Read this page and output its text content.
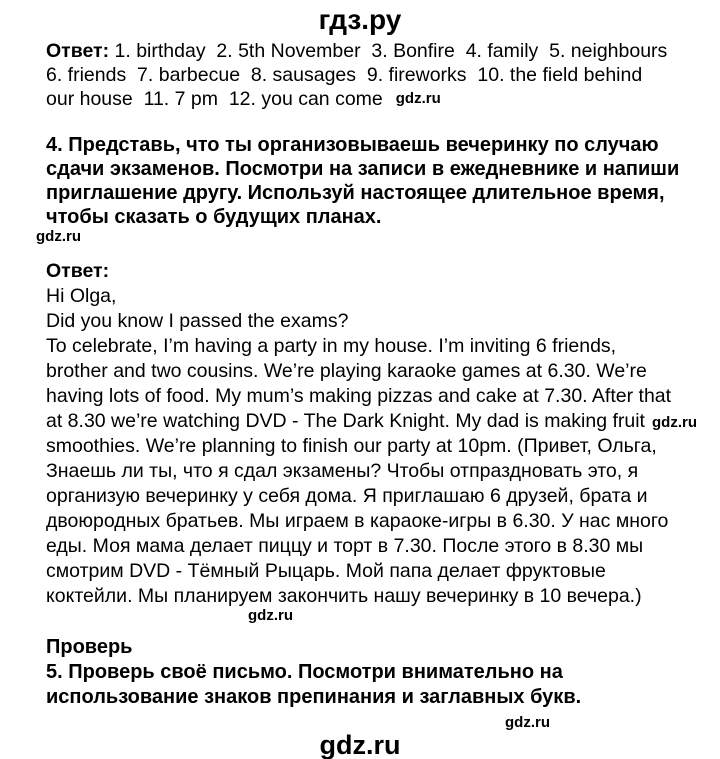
гдз.ру
Ответ: 1. birthday  2. 5th November  3. Bonfire  4. family  5. neighbours
6. friends  7. barbecue  8. sausages  9. fireworks  10. the field behind
our house  11. 7 pm  12. you can come gdz.ru
4. Представь, что ты организовываешь вечеринку по случаю
сдачи экзаменов. Посмотри на записи в ежедневнике и напиши
приглашение другу. Используй настоящее длительное время,
чтобы сказать о будущих планах.
gdz.ru
Ответ:
Hi Olga,
Did you know I passed the exams?
To celebrate, I’m having a party in my house. I’m inviting 6 friends,
brother and two cousins. We’re playing karaoke games at 6.30. We’re
having lots of food. My mum’s making pizzas and cake at 7.30. After that
at 8.30 we’re watching DVD - The Dark Knight. My dad is making fruit gdz.ru
smoothies. We’re planning to finish our party at 10pm. (Привет, Ольга,
Знаешь ли ты, что я сдал экзамены? Чтобы отпраздновать это, я
организую вечеринку у себя дома. Я приглашаю 6 друзей, брата и
двоюродных братьев. Мы играем в караоке-игры в 6.30. У нас много
еды. Моя мама делает пиццу и торт в 7.30. После этого в 8.30 мы
смотрим DVD - Тёмный Рыцарь. Мой папа делает фруктовые
коктейли. Мы планируем закончить нашу вечеринку в 10 вечера.)
gdz.ru
Проверь
5. Проверь своё письмо. Посмотри внимательно на
использование знаков препинания и заглавных букв.
gdz.ru
gdz.ru
